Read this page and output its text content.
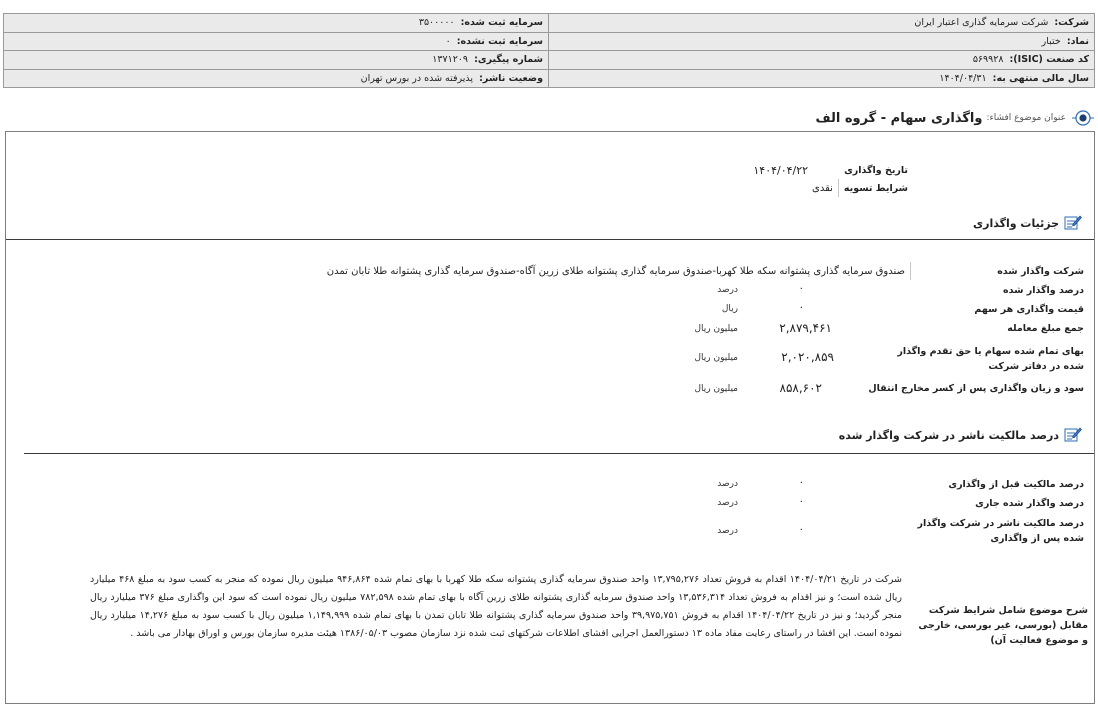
شرکت:  شرکت سرمایه گذاری اعتبار ایران	سرمایه ثبت شده:  ۳۵۰۰۰۰۰
نماد:  ختبار	سرمایه ثبت نشده:  ۰
کد صنعت (ISIC):  ۵۶۹۹۲۸	شماره پیگیری:  ۱۳۷۱۲۰۹
سال مالی منتهی به:  ۱۴۰۴/۰۴/۳۱	وضعیت ناشر:  پذیرفته شده در بورس تهران
عنوان موضوع افشاء:
واگذاری سهام - گروه الف
تاریخ واگذاری
۱۴۰۴/۰۴/۲۲
شرایط تسویه
نقدی
جزئیات واگذاری
شرکت واگذار شده
صندوق سرمایه گذاری پشتوانه سکه طلا کهربا-صندوق سرمایه گذاری پشتوانه طلای زرین آگاه-صندوق سرمایه گذاری پشتوانه طلا تابان تمدن
درصد واگذار شده
۰
درصد
قیمت واگذاری هر سهم
۰
ریال
جمع مبلغ معامله
۲,۸۷۹,۴۶۱
میلیون ریال
بهای تمام شده سهام یا حق تقدم واگذار شده در دفاتر شرکت
۲,۰۲۰,۸۵۹
میلیون ریال
سود و زیان واگذاری پس از کسر مخارج انتقال
۸۵۸,۶۰۲
میلیون ریال
درصد مالکیت ناشر در شرکت واگذار شده
درصد مالکیت قبل از واگذاری
۰
درصد
درصد واگذار شده جاری
۰
درصد
درصد مالکیت ناشر در شرکت واگذار شده پس از واگذاری
۰
درصد
شرح موضوع شامل شرایط شرکت مقابل (بورسی، غیر بورسی، خارجی و موضوع فعالیت آن)
شرکت در تاریخ ۱۴۰۴/۰۴/۲۱ اقدام به فروش تعداد ۱۳,۷۹۵,۲۷۶ واحد صندوق سرمایه گذاری پشتوانه سکه طلا کهربا با بهای تمام شده ۹۴۶,۸۶۴ میلیون ریال نموده که منجر به کسب سود به مبلغ ۴۶۸ میلیارد ریال شده است؛ و نیز اقدام به فروش تعداد ۱۳,۵۳۶,۳۱۴ واحد صندوق سرمایه گذاری پشتوانه طلای زرین آگاه با بهای تمام شده ۷۸۲,۵۹۸ میلیون ریال نموده است که سود این واگذاری مبلغ ۳۷۶ میلیارد ریال منجر گردید؛ و نیز در تاریخ ۱۴۰۴/۰۴/۲۲ اقدام به فروش ۳۹,۹۷۵,۷۵۱ واحد صندوق سرمایه گذاری پشتوانه طلا تابان تمدن با بهای تمام شده ۱,۱۴۹,۹۹۹ میلیون ریال با کسب سود به مبلغ ۱۴,۲۷۶ میلیارد ریال نموده است. این افشا در راستای رعایت مفاد ماده ۱۳ دستورالعمل اجرایی افشای اطلاعات شرکتهای ثبت شده نزد سازمان مصوب ۱۳۸۶/۰۵/۰۳ هیئت مدیره سازمان بورس و اوراق بهادار می باشد .
